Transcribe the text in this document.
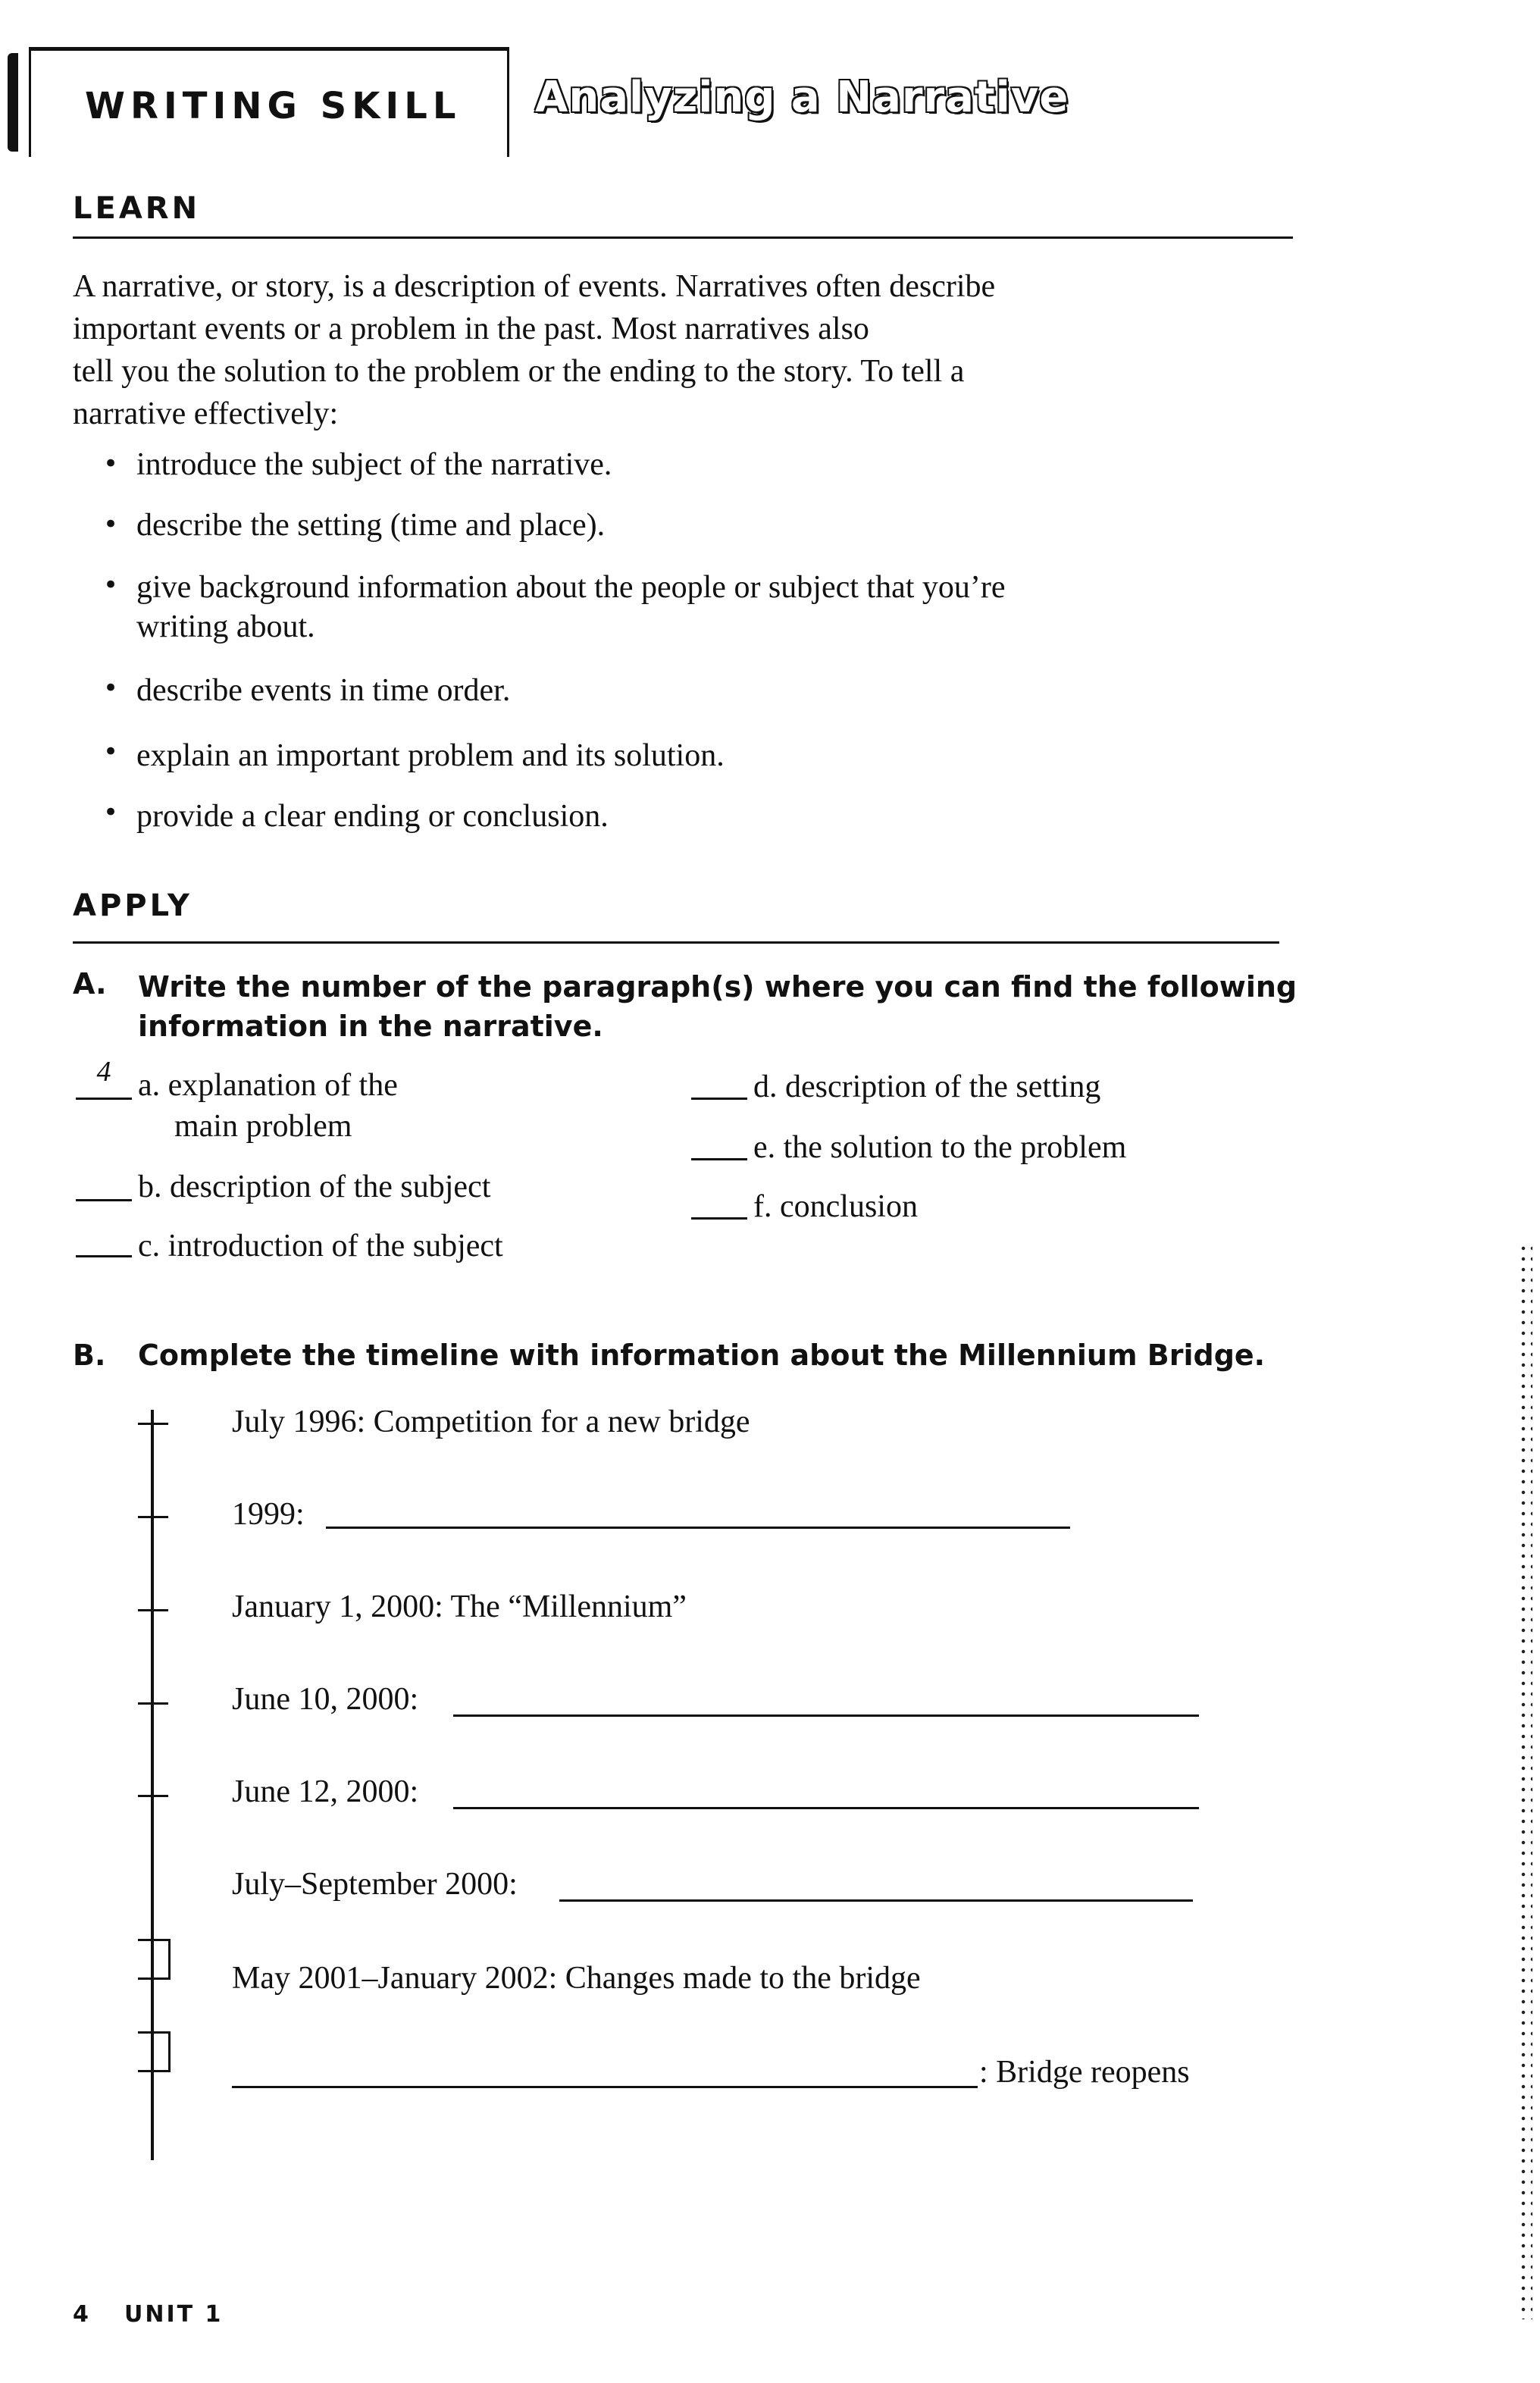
WRITING SKILL Analyzing a Narrative
LEARN
A narrative, or story, is a description of events. Narratives often describe
important events or a problem in the past. Most narratives also
tell you the solution to the problem or the ending to the story. To tell a
narrative effectively:
• introduce the subject of the narrative.
• describe the setting (time and place).
• give background information about the people or subject that you’re
writing about.
• describe events in time order.
• explain an important problem and its solution.
• provide a clear ending or conclusion.
APPLY
A. Write the number of the paragraph(s) where you can find the following
information in the narrative.
4 a. explanation of the
main problem
b. description of the subject
c. introduction of the subject
d. description of the setting
e. the solution to the problem
f. conclusion
B. Complete the timeline with information about the Millennium Bridge.
July 1996: Competition for a new bridge
1999:
January 1, 2000: The “Millennium”
June 10, 2000:
June 12, 2000:
July–September 2000:
May 2001–January 2002: Changes made to the bridge
: Bridge reopens
4 UNIT 1
